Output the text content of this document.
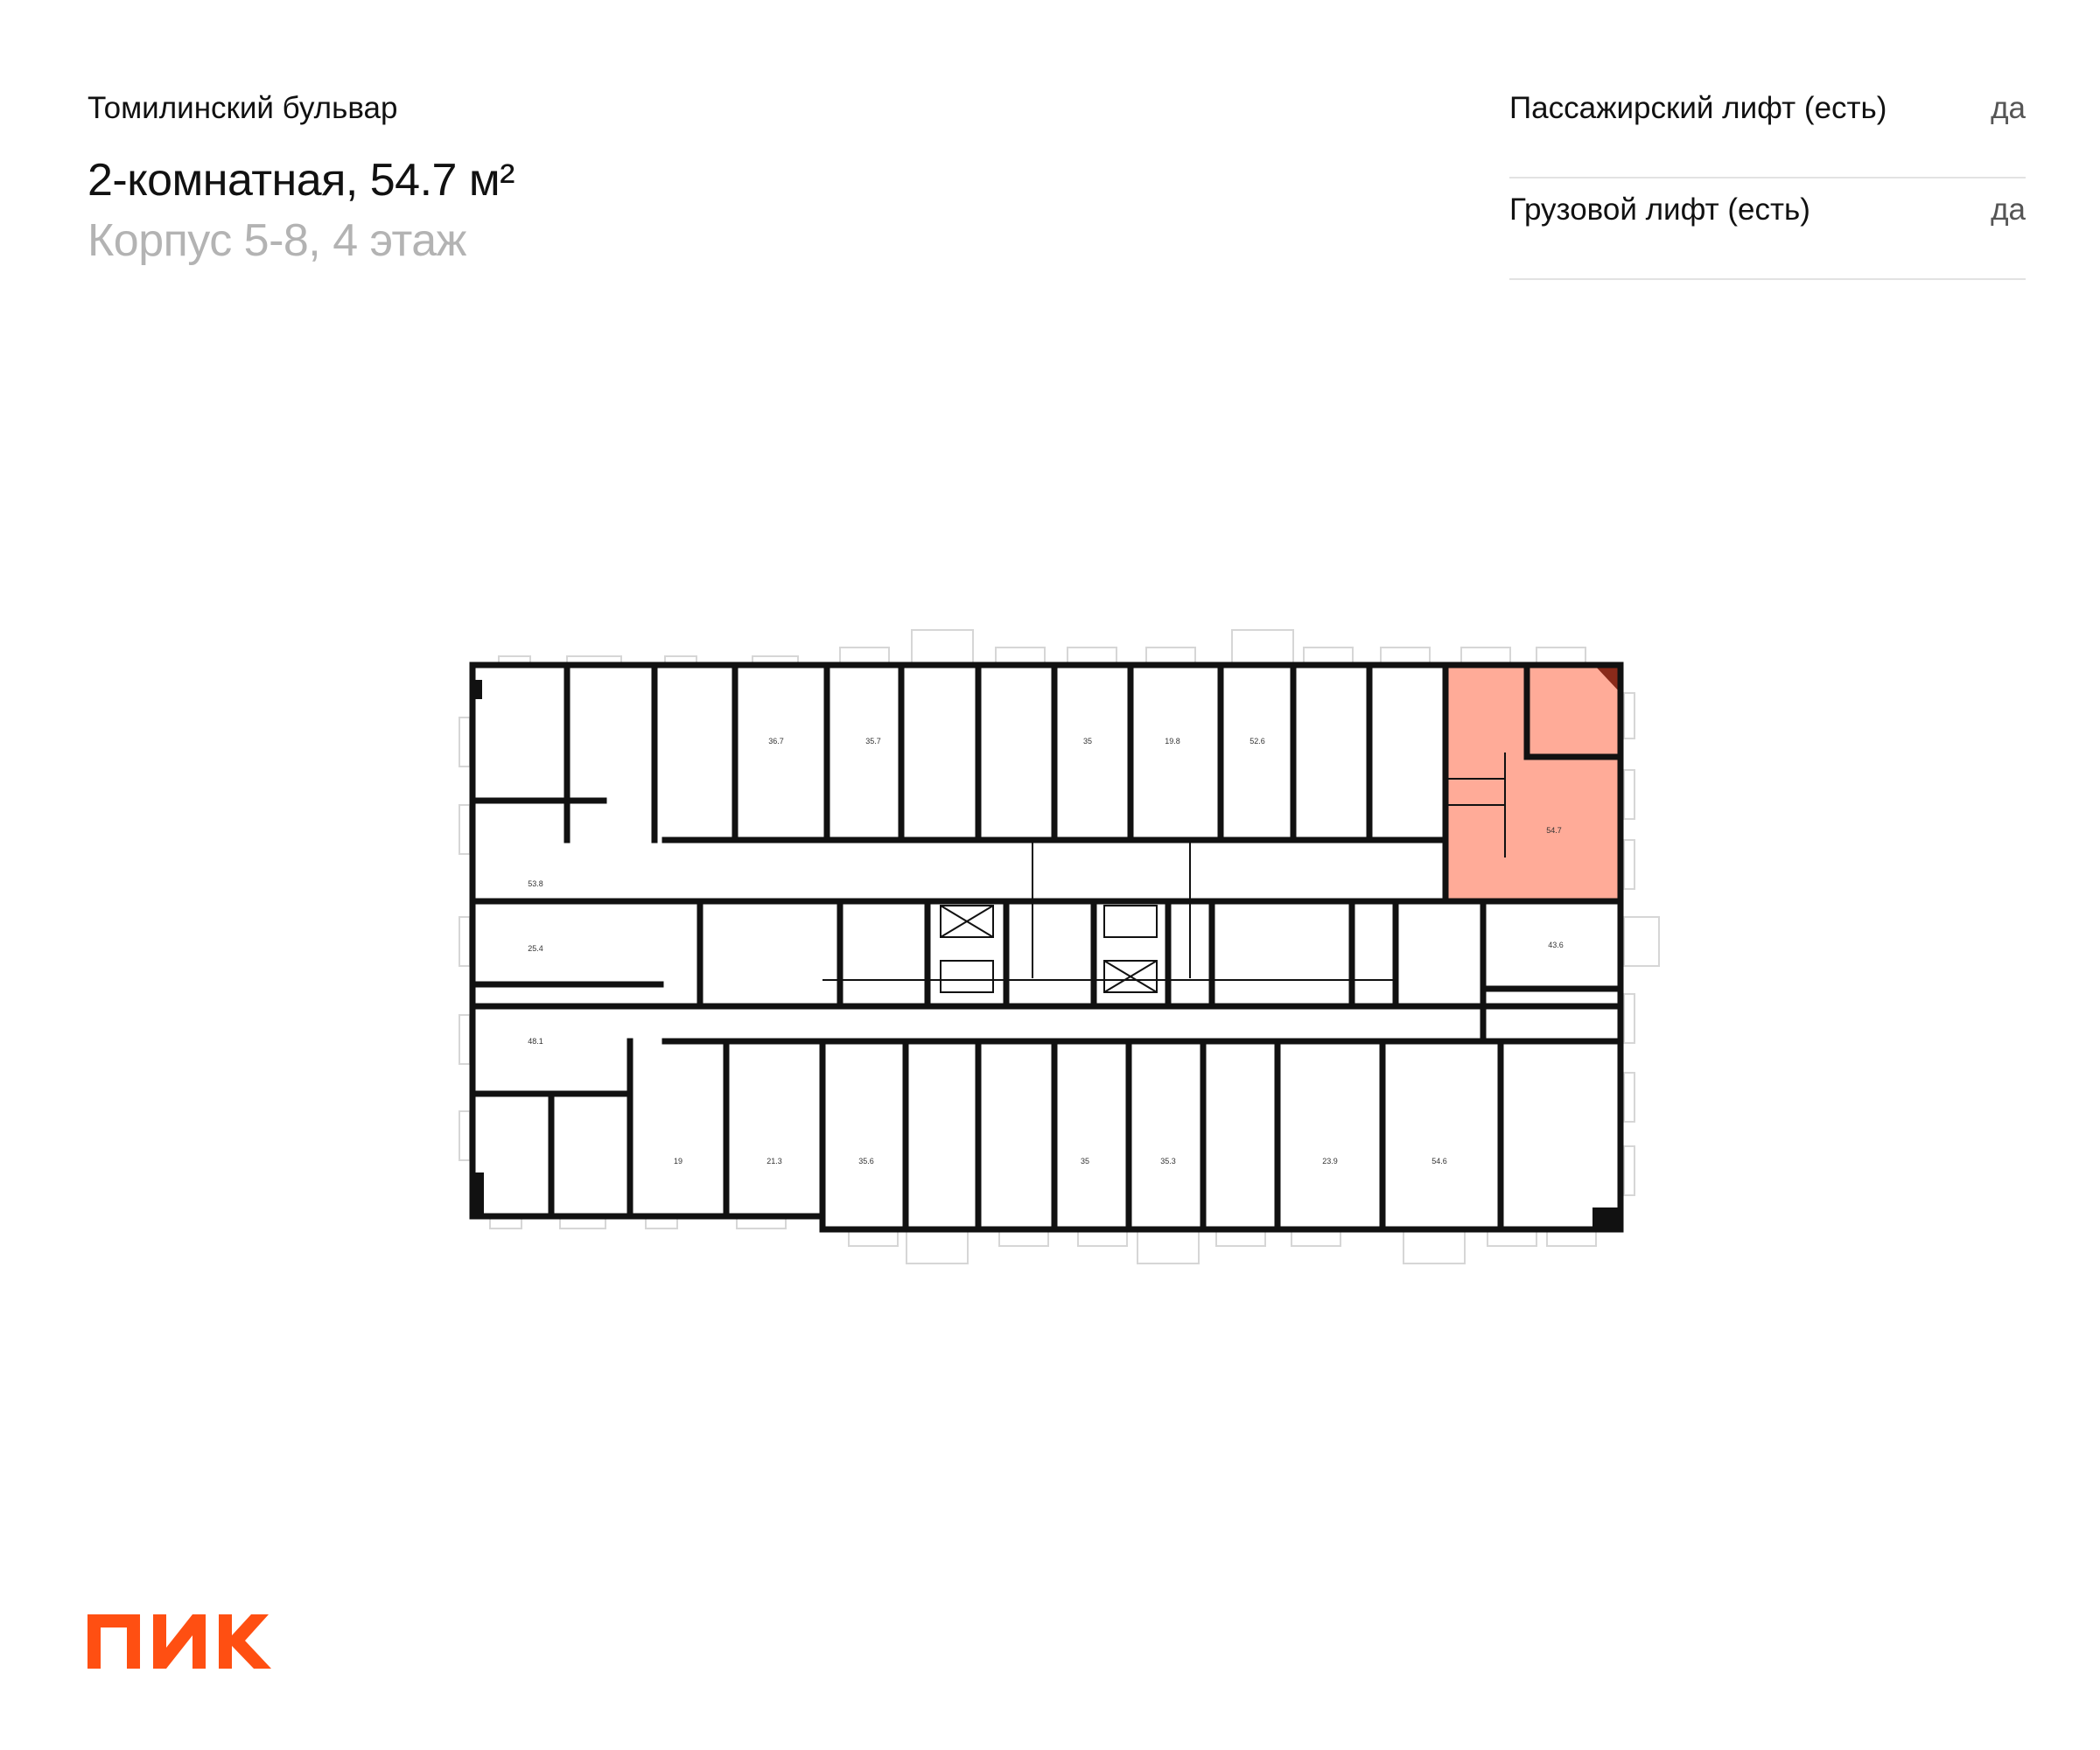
Томилинский бульвар
2-комнатная, 54.7 м²
Корпус 5-8, 4 этаж
Пассажирский лифт (есть)	да
Грузовой лифт (есть)	да
53.8
36.7	35.7	35	19.8	52.6
54.7
25.4	43.6
48.1
19	21.3	35.6	35	35.3	23.9	54.6
